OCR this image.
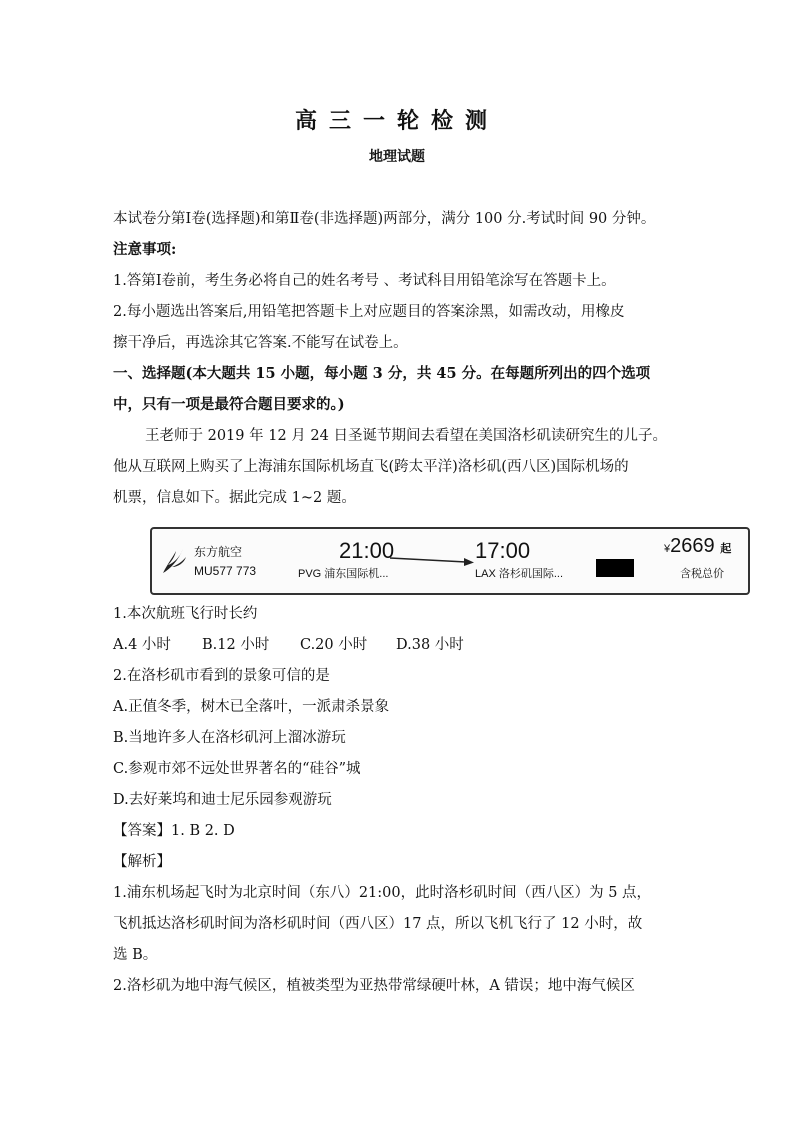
高三一轮检测
地理试题
本试卷分第Ⅰ卷(选择题)和第Ⅱ卷(非选择题)两部分，满分 100 分.考试时间 90 分钟。
注意事项:
1.答第Ⅰ卷前，考生务必将自己的姓名考号 、考试科目用铅笔涂写在答题卡上。
2.每小题选出答案后,用铅笔把答题卡上对应题目的答案涂黑，如需改动，用橡皮
擦干净后，再选涂其它答案.不能写在试卷上。
一、选择题(本大题共 15 小题，每小题 3 分，共 45 分。在每题所列出的四个选项
中，只有一项是最符合题目要求的。)
王老师于 2019 年 12 月 24 日圣诞节期间去看望在美国洛杉矶读研究生的儿子。
他从互联网上购买了上海浦东国际机场直飞(跨太平洋)洛杉矶(西八区)国际机场的
机票，信息如下。据此完成 1~2 题。
东方航空
MU577 773
21:00
PVG 浦东国际机...
17:00
LAX 洛杉矶国际...
¥2669 起
含税总价
1.本次航班飞行时长约
A.4 小时 B.12 小时 C.20 小时 D.38 小时
2.在洛杉矶市看到的景象可信的是
A.正值冬季，树木已全落叶，一派肃杀景象
B.当地许多人在洛杉矶河上溜冰游玩
C.参观市郊不远处世界著名的“硅谷”城
D.去好莱坞和迪士尼乐园参观游玩
【答案】1. B 2. D
【解析】
1.浦东机场起飞时为北京时间（东八）21:00，此时洛杉矶时间（西八区）为 5 点，
飞机抵达洛杉矶时间为洛杉矶时间（西八区）17 点，所以飞机飞行了 12 小时，故
选 B。
2.洛杉矶为地中海气候区，植被类型为亚热带常绿硬叶林，A 错误；地中海气候区
